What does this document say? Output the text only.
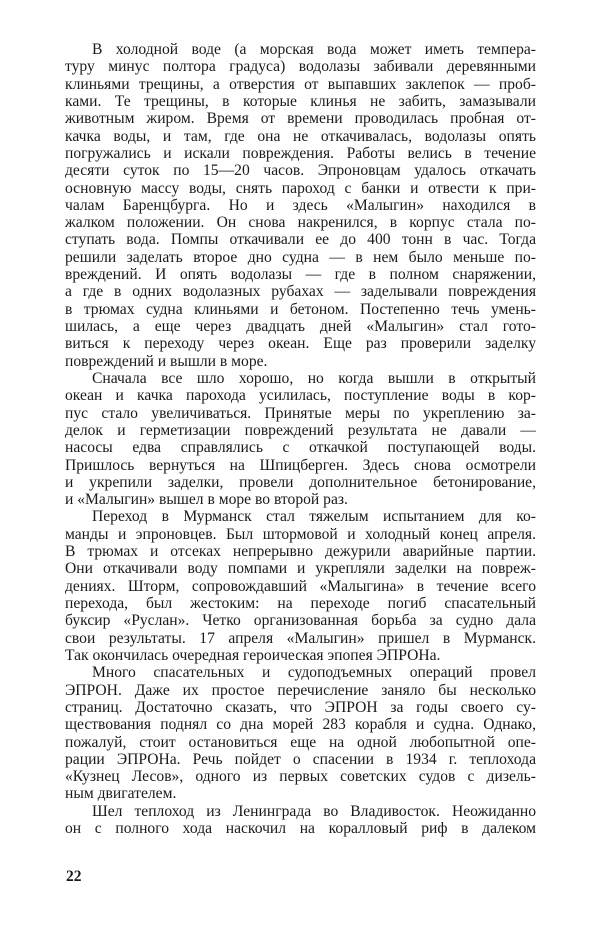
В холодной воде (а морская вода может иметь темпера-
туру минус полтора градуса) водолазы забивали деревянными
клиньями трещины, а отверстия от выпавших заклепок — проб-
ками. Те трещины, в которые клинья не забить, замазывали
животным жиром. Время от времени проводилась пробная от-
качка воды, и там, где она не откачивалась, водолазы опять
погружались и искали повреждения. Работы велись в течение
десяти суток по 15—20 часов. Эпроновцам удалось откачать
основную массу воды, снять пароход с банки и отвести к при-
чалам Баренцбурга. Но и здесь «Малыгин» находился в
жалком положении. Он снова накренился, в корпус стала по-
ступать вода. Помпы откачивали ее до 400 тонн в час. Тогда
решили заделать второе дно судна — в нем было меньше по-
вреждений. И опять водолазы — где в полном снаряжении,
а где в одних водолазных рубахах — заделывали повреждения
в трюмах судна клиньями и бетоном. Постепенно течь умень-
шилась, а еще через двадцать дней «Малыгин» стал гото-
виться к переходу через океан. Еще раз проверили заделку
повреждений и вышли в море.
Сначала все шло хорошо, но когда вышли в открытый
океан и качка парохода усилилась, поступление воды в кор-
пус стало увеличиваться. Принятые меры по укреплению за-
делок и герметизации повреждений результата не давали —
насосы едва справлялись с откачкой поступающей воды.
Пришлось вернуться на Шпицберген. Здесь снова осмотрели
и укрепили заделки, провели дополнительное бетонирование,
и «Малыгин» вышел в море во второй раз.
Переход в Мурманск стал тяжелым испытанием для ко-
манды и эпроновцев. Был штормовой и холодный конец апреля.
В трюмах и отсеках непрерывно дежурили аварийные партии.
Они откачивали воду помпами и укрепляли заделки на повреж-
дениях. Шторм, сопровождавший «Малыгина» в течение всего
перехода, был жестоким: на переходе погиб спасательный
буксир «Руслан». Четко организованная борьба за судно дала
свои результаты. 17 апреля «Малыгин» пришел в Мурманск.
Так окончилась очередная героическая эпопея ЭПРОНа.
Много спасательных и судоподъемных операций провел
ЭПРОН. Даже их простое перечисление заняло бы несколько
страниц. Достаточно сказать, что ЭПРОН за годы своего су-
ществования поднял со дна морей 283 корабля и судна. Однако,
пожалуй, стоит остановиться еще на одной любопытной опе-
рации ЭПРОНа. Речь пойдет о спасении в 1934 г. теплохода
«Кузнец Лесов», одного из первых советских судов с дизель-
ным двигателем.
Шел теплоход из Ленинграда во Владивосток. Неожиданно
он с полного хода наскочил на коралловый риф в далеком
22
